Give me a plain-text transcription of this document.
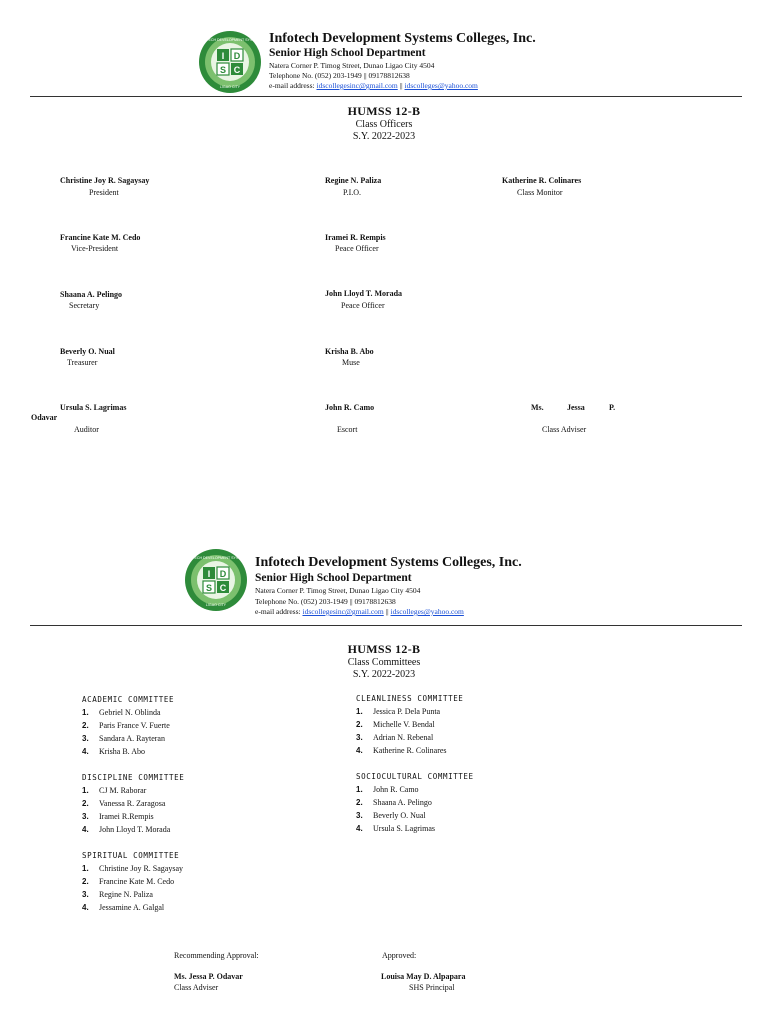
I D
S C
INFOTECH DEVELOPMENT SYSTEMS
LIGAO CITY
Infotech Development Systems Colleges, Inc.
Senior High School Department
Natera Corner P. Timog Street, Dunao Ligao City 4504
Telephone No. (052) 203-1949 || 09178812638
e-mail address: idscollegesinc@gmail.com || idscolleges@yahoo.com
HUMSS 12-B
Class Officers
S.Y. 2022-2023
Christine Joy R. Sagaysay
President
Regine N. Paliza
P.I.O.
Katherine R. Colinares
Class Monitor
Francine Kate M. Cedo
Vice-President
Iramei R. Rempis
Peace Officer
Shaana A. Pelingo
Secretary
John Lloyd T. Morada
Peace Officer
Beverly O. Nual
Treasurer
Krisha B. Abo
Muse
Ursula S. Lagrimas
Auditor
John R. Camo
Escort
Ms.	Jessa	P.
Odavar
Class Adviser
I D
S C
INFOTECH DEVELOPMENT SYSTEMS
LIGAO CITY
Infotech Development Systems Colleges, Inc.
Senior High School Department
Natera Corner P. Timog Street, Dunao Ligao City 4504
Telephone No. (052) 203-1949 || 09178812638
e-mail address: idscollegesinc@gmail.com || idscolleges@yahoo.com
HUMSS 12-B
Class Committees
S.Y. 2022-2023
ACADEMIC COMMITTEE
1. Gebriel N. Oblinda
2. Paris France V. Fuerte
3. Sandara A. Rayteran
4. Krisha B. Abo
DISCIPLINE COMMITTEE
1. CJ M. Raborar
2. Vanessa R. Zaragosa
3. Iramei R.Rempis
4. John Lloyd T. Morada
SPIRITUAL COMMITTEE
1. Christine Joy R. Sagaysay
2. Francine Kate M. Cedo
3. Regine N. Paliza
4. Jessamine A. Galgal
CLEANLINESS COMMITTEE
1. Jessica P. Dela Punta
2. Michelle V. Bendal
3. Adrian N. Rebenal
4. Katherine R. Colinares
SOCIOCULTURAL COMMITTEE
1. John R. Camo
2. Shaana A. Pelingo
3. Beverly O. Nual
4. Ursula S. Lagrimas
Recommending Approval:
Ms. Jessa P. Odavar
Class Adviser
Approved:
Louisa May D. Alpapara
SHS Principal
